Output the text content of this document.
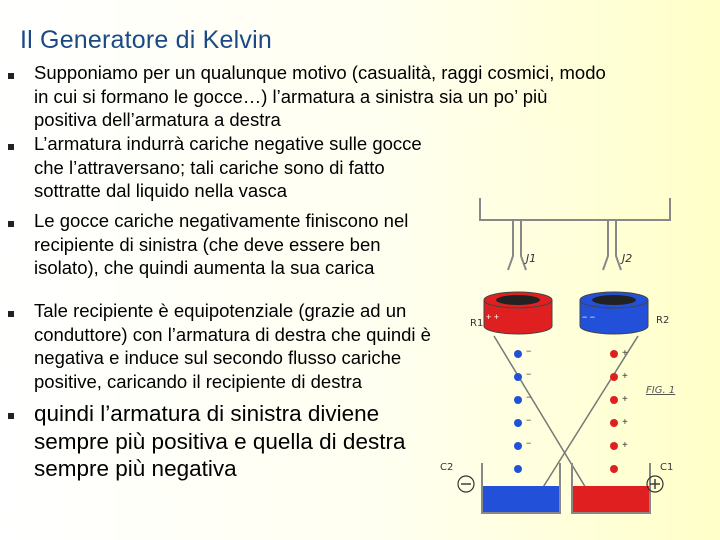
Il Generatore di Kelvin
Supponiamo per un qualunque motivo (casualità, raggi cosmici, modo
in cui si formano le gocce…) l’armatura a sinistra sia un po’ più
positiva dell’armatura a destra
L’armatura indurrà cariche negative sulle gocce
che l’attraversano; tali cariche sono di fatto
sottratte dal liquido nella vasca
Le gocce cariche negativamente finiscono nel
recipiente di sinistra (che deve essere ben
isolato), che quindi aumenta la sua carica
Tale recipiente è equipotenziale (grazie ad un
conduttore) con l’armatura di destra che quindi è
negativa e induce sul secondo flusso cariche
positive, caricando il recipiente di destra
quindi l’armatura di sinistra diviene
sempre più positiva e quella di destra
sempre più negativa
J1	J2
R1	R2
+ +	− −
−
−
−
−
−
+
+
+
+
+
FIG. 1
C2	C1
